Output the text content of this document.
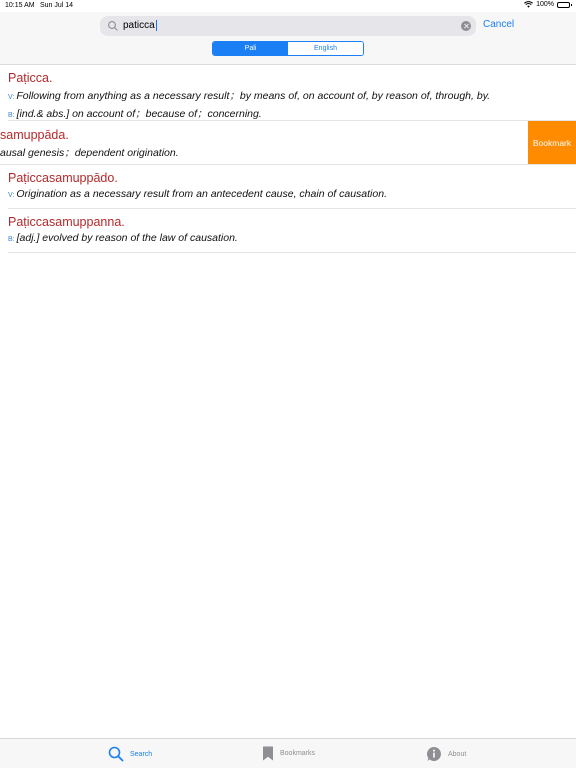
10:15 AM Sun Jul 14	100%
paticca	Cancel
Pali	English
Paṭicca.
V: Following from anything as a necessary result；by means of, on account of, by reason of, through, by.
B: [ind.& abs.] on account of；because of；concerning.
samuppāda.
ausal genesis；dependent origination.
Bookmark
Paṭiccasamuppādo.
V: Origination as a necessary result from an antecedent cause, chain of causation.
Paṭiccasamuppanna.
B: [adj.] evolved by reason of the law of causation.
Search	Bookmarks	About
